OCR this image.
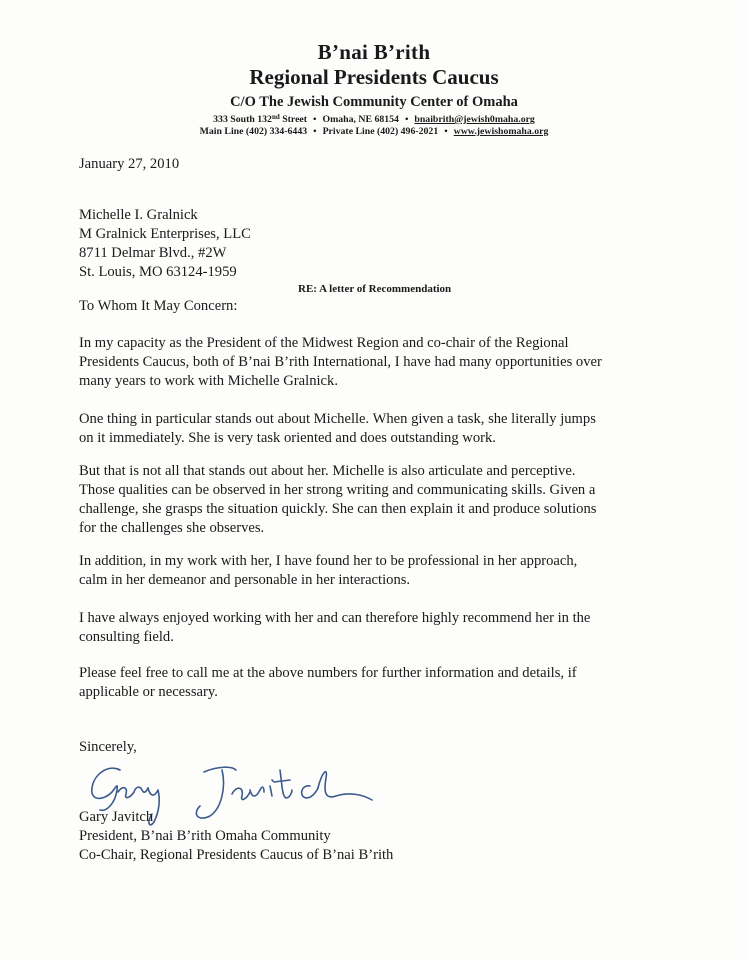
B’nai B’rith
Regional Presidents Caucus
C/O The Jewish Community Center of Omaha
333 South 132nd Street • Omaha, NE 68154 • bnaibrith@jewish0maha.org
Main Line (402) 334-6443 • Private Line (402) 496-2021 • www.jewishomaha.org
January 27, 2010
Michelle I. Gralnick
M Gralnick Enterprises, LLC
8711 Delmar Blvd., #2W
St. Louis, MO 63124-1959
RE: A letter of Recommendation
To Whom It May Concern:
In my capacity as the President of the Midwest Region and co-chair of the Regional
Presidents Caucus, both of B’nai B’rith International, I have had many opportunities over
many years to work with Michelle Gralnick.
One thing in particular stands out about Michelle. When given a task, she literally jumps
on it immediately. She is very task oriented and does outstanding work.
But that is not all that stands out about her. Michelle is also articulate and perceptive.
Those qualities can be observed in her strong writing and communicating skills. Given a
challenge, she grasps the situation quickly. She can then explain it and produce solutions
for the challenges she observes.
In addition, in my work with her, I have found her to be professional in her approach,
calm in her demeanor and personable in her interactions.
I have always enjoyed working with her and can therefore highly recommend her in the
consulting field.
Please feel free to call me at the above numbers for further information and details, if
applicable or necessary.
Sincerely,
Gary Javitch
President, B’nai B’rith Omaha Community
Co-Chair, Regional Presidents Caucus of B’nai B’rith
